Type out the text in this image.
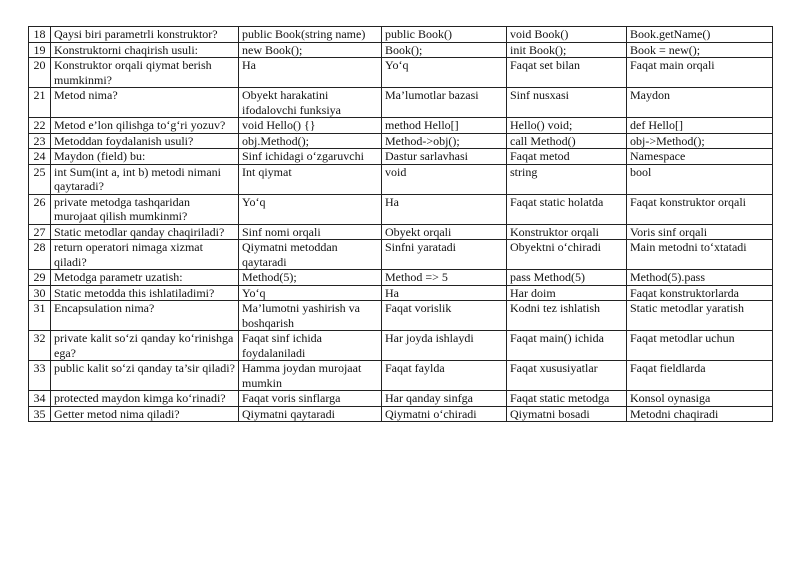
18	Qaysi biri parametrli konstruktor?	public Book(string name)	public Book()	void Book()	Book.getName()
19	Konstruktorni chaqirish usuli:	new Book();	Book();	init Book();	Book = new();
20	Konstruktor orqali qiymat berish mumkinmi?	Ha	Yo‘q	Faqat set bilan	Faqat main orqali
21	Metod nima?	Obyekt harakatini ifodalovchi funksiya	Ma’lumotlar bazasi	Sinf nusxasi	Maydon
22	Metod e’lon qilishga to‘g‘ri yozuv?	void Hello() {}	method Hello[]	Hello() void;	def Hello[]
23	Metoddan foydalanish usuli?	obj.Method();	Method->obj();	call Method()	obj->Method();
24	Maydon (field) bu:	Sinf ichidagi o‘zgaruvchi	Dastur sarlavhasi	Faqat metod	Namespace
25	int Sum(int a, int b) metodi nimani qaytaradi?	Int qiymat	void	string	bool
26	private metodga tashqaridan murojaat qilish mumkinmi?	Yo‘q	Ha	Faqat static holatda	Faqat konstruktor orqali
27	Static metodlar qanday chaqiriladi?	Sinf nomi orqali	Obyekt orqali	Konstruktor orqali	Voris sinf orqali
28	return operatori nimaga xizmat qiladi?	Qiymatni metoddan qaytaradi	Sinfni yaratadi	Obyektni o‘chiradi	Main metodni to‘xtatadi
29	Metodga parametr uzatish:	Method(5);	Method => 5	pass Method(5)	Method(5).pass
30	Static metodda this ishlatiladimi?	Yo‘q	Ha	Har doim	Faqat konstruktorlarda
31	Encapsulation nima?	Ma’lumotni yashirish va boshqarish	Faqat vorislik	Kodni tez ishlatish	Static metodlar yaratish
32	private kalit so‘zi qanday ko‘rinishga ega?	Faqat sinf ichida foydalaniladi	Har joyda ishlaydi	Faqat main() ichida	Faqat metodlar uchun
33	public kalit so‘zi qanday ta’sir qiladi?	Hamma joydan murojaat mumkin	Faqat faylda	Faqat xususiyatlar	Faqat fieldlarda
34	protected maydon kimga ko‘rinadi?	Faqat voris sinflarga	Har qanday sinfga	Faqat static metodga	Konsol oynasiga
35	Getter metod nima qiladi?	Qiymatni qaytaradi	Qiymatni o‘chiradi	Qiymatni bosadi	Metodni chaqiradi
